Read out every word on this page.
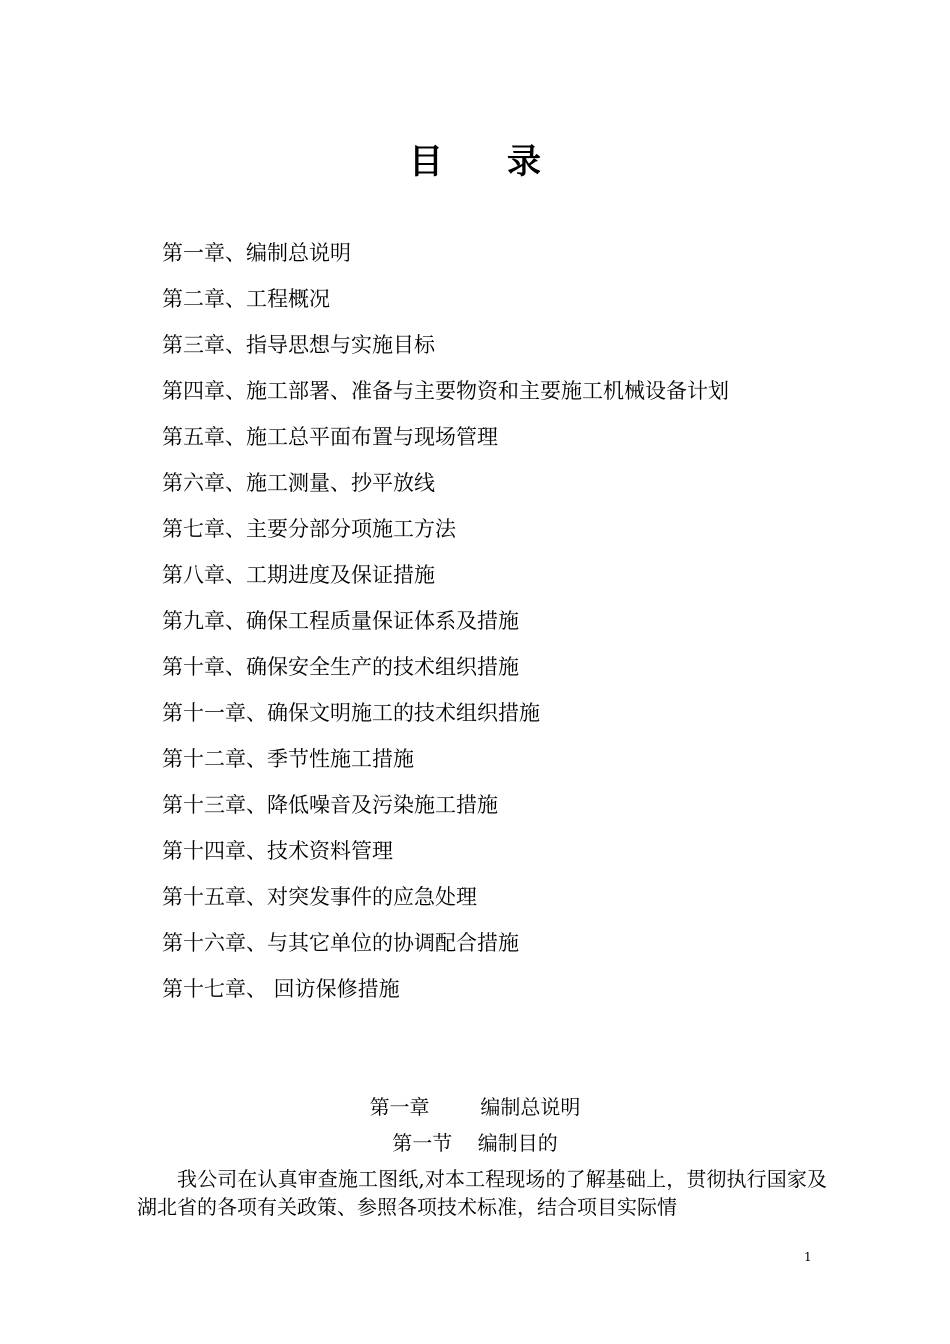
目录
第一章、编制总说明
第二章、工程概况
第三章、指导思想与实施目标
第四章、施工部署、准备与主要物资和主要施工机械设备计划
第五章、施工总平面布置与现场管理
第六章、施工测量、抄平放线
第七章、主要分部分项施工方法
第八章、工期进度及保证措施
第九章、确保工程质量保证体系及措施
第十章、确保安全生产的技术组织措施
第十一章、确保文明施工的技术组织措施
第十二章、季节性施工措施
第十三章、降低噪音及污染施工措施
第十四章、技术资料管理
第十五章、对突发事件的应急处理
第十六章、与其它单位的协调配合措施
第十七章、 回访保修措施
第一章        编制总说明
第一节    编制目的

我公司在认真审查施工图纸,对本工程现场的了解基础上，贯彻执行国家及湖北省的各项有关政策、参照各项技术标准，结合项目实际情

1
